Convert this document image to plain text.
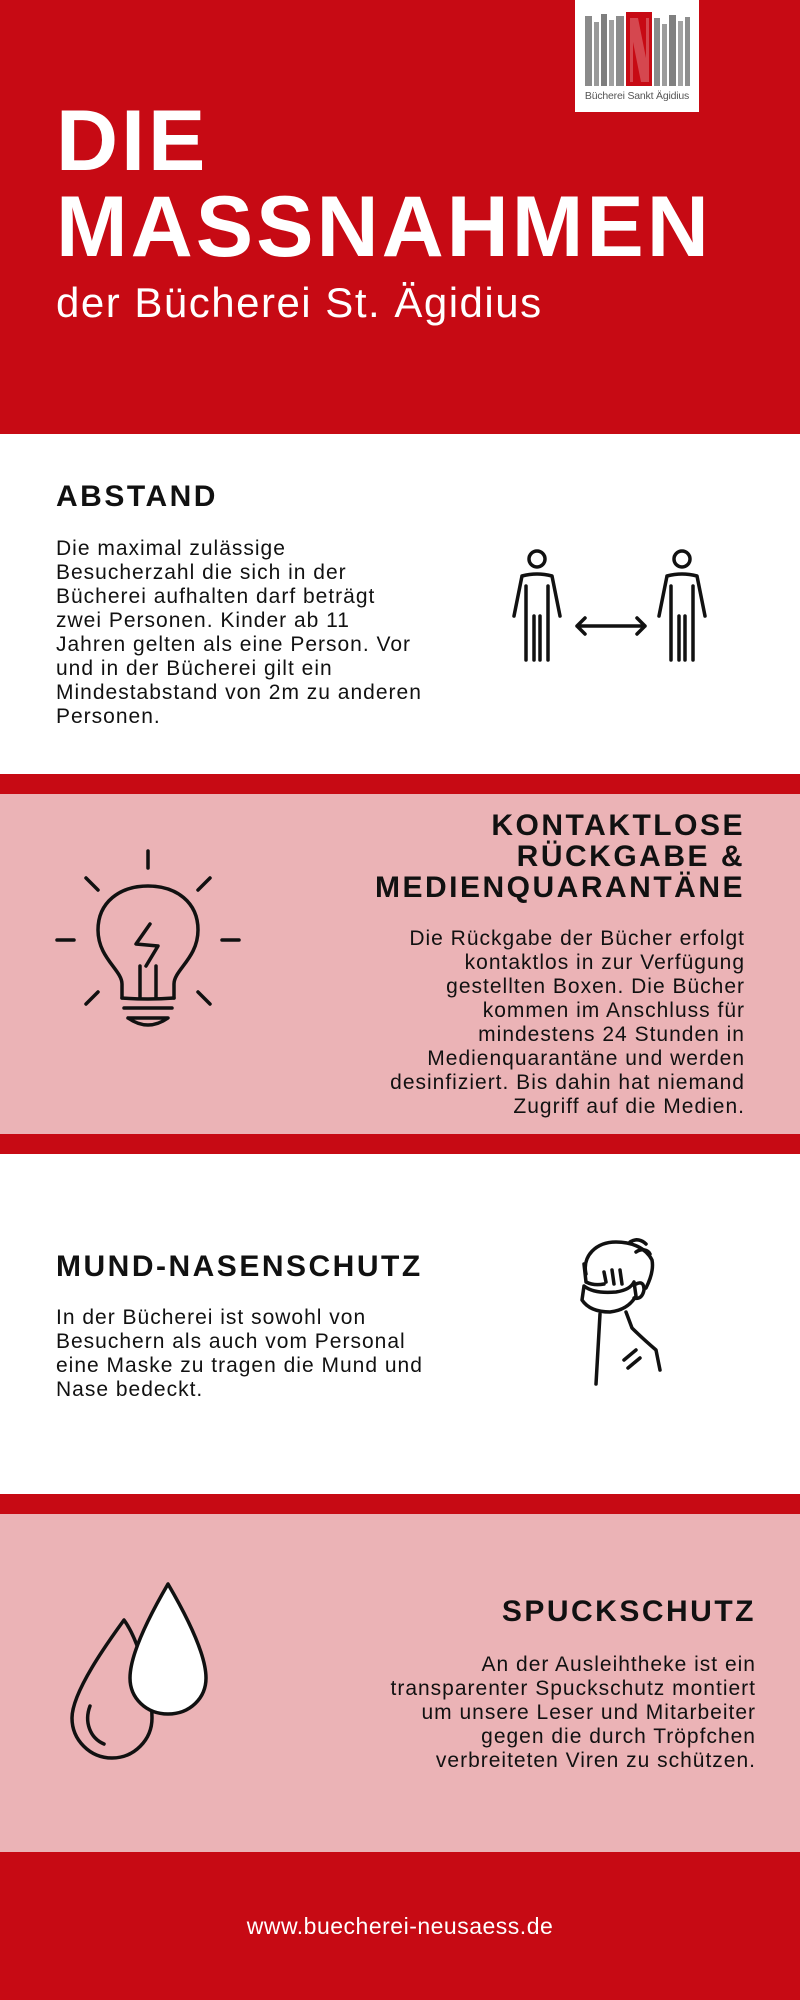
Bücherei Sankt Ägidius
DIE
MASSNAHMEN
der Bücherei St. Ägidius
ABSTAND
Die maximal zulässige
Besucherzahl die sich in der
Bücherei aufhalten darf beträgt
zwei Personen. Kinder ab 11
Jahren gelten als eine Person. Vor
und in der Bücherei gilt ein
Mindestabstand von 2m zu anderen
Personen.
KONTAKTLOSE
RÜCKGABE &
MEDIENQUARANTÄNE
Die Rückgabe der Bücher erfolgt
kontaktlos in zur Verfügung
gestellten Boxen. Die Bücher
kommen im Anschluss für
mindestens 24 Stunden in
Medienquarantäne und werden
desinfiziert. Bis dahin hat niemand
Zugriff auf die Medien.
MUND-NASENSCHUTZ
In der Bücherei ist sowohl von
Besuchern als auch vom Personal
eine Maske zu tragen die Mund und
Nase bedeckt.
SPUCKSCHUTZ
An der Ausleihtheke ist ein
transparenter Spuckschutz montiert
um unsere Leser und Mitarbeiter
gegen die durch Tröpfchen
verbreiteten Viren zu schützen.
www.buecherei-neusaess.de
